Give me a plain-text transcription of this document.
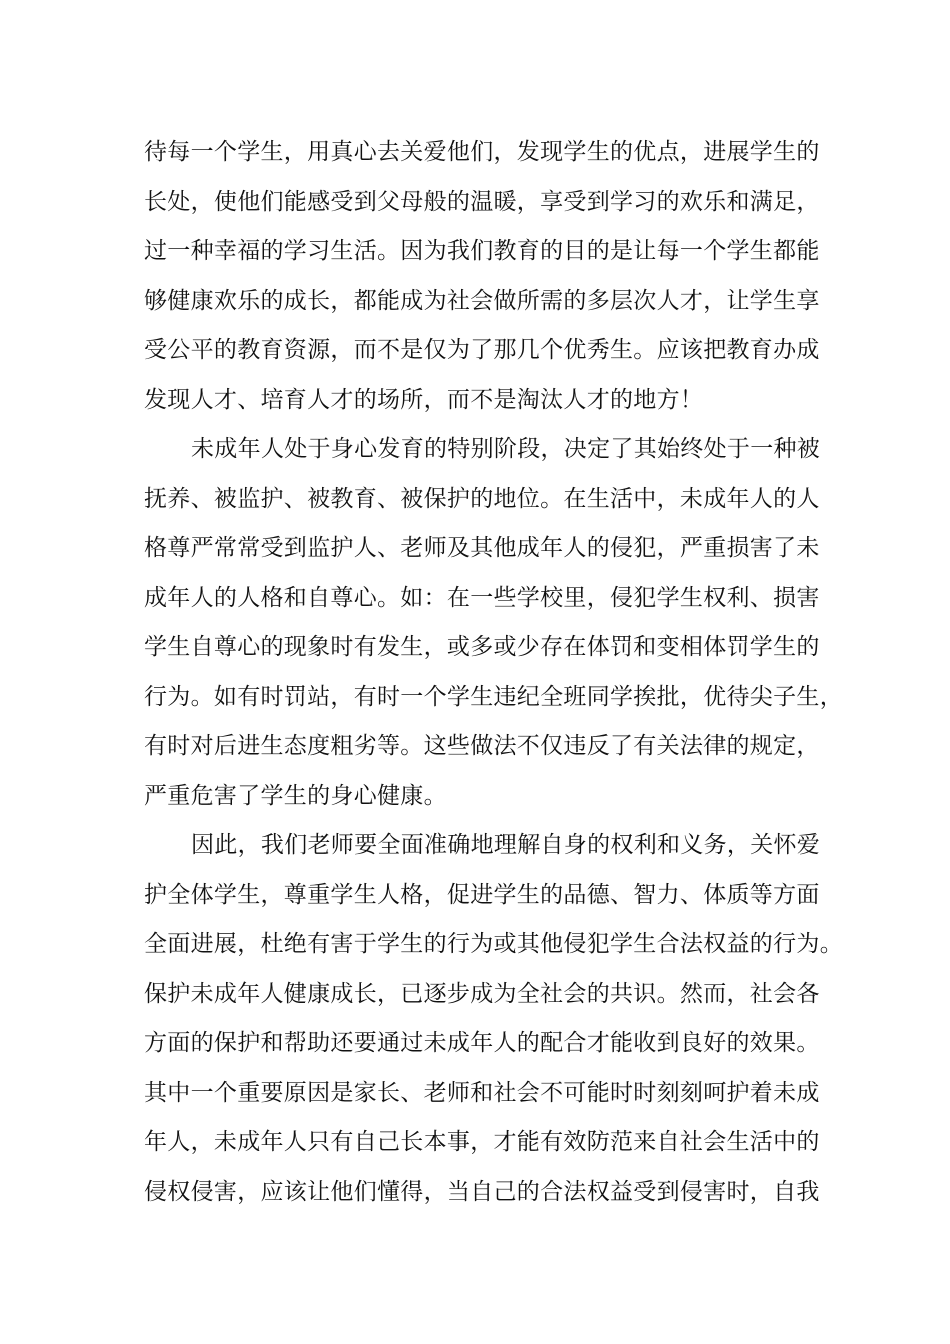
待每一个学生，用真心去关爱他们，发现学生的优点，进展学生的
长处，使他们能感受到父母般的温暖，享受到学习的欢乐和满足，
过一种幸福的学习生活。因为我们教育的目的是让每一个学生都能
够健康欢乐的成长，都能成为社会做所需的多层次人才，让学生享
受公平的教育资源，而不是仅为了那几个优秀生。应该把教育办成
发现人才、培育人才的场所，而不是淘汰人才的地方！
未成年人处于身心发育的特别阶段，决定了其始终处于一种被
抚养、被监护、被教育、被保护的地位。在生活中，未成年人的人
格尊严常常受到监护人、老师及其他成年人的侵犯，严重损害了未
成年人的人格和自尊心。如：在一些学校里，侵犯学生权利、损害
学生自尊心的现象时有发生，或多或少存在体罚和变相体罚学生的
行为。如有时罚站，有时一个学生违纪全班同学挨批，优待尖子生，
有时对后进生态度粗劣等。这些做法不仅违反了有关法律的规定，
严重危害了学生的身心健康。
因此，我们老师要全面准确地理解自身的权利和义务，关怀爱
护全体学生，尊重学生人格，促进学生的品德、智力、体质等方面
全面进展，杜绝有害于学生的行为或其他侵犯学生合法权益的行为。
保护未成年人健康成长，已逐步成为全社会的共识。然而，社会各
方面的保护和帮助还要通过未成年人的配合才能收到良好的效果。
其中一个重要原因是家长、老师和社会不可能时时刻刻呵护着未成
年人，未成年人只有自己长本事，才能有效防范来自社会生活中的
侵权侵害，应该让他们懂得，当自己的合法权益受到侵害时，自我
